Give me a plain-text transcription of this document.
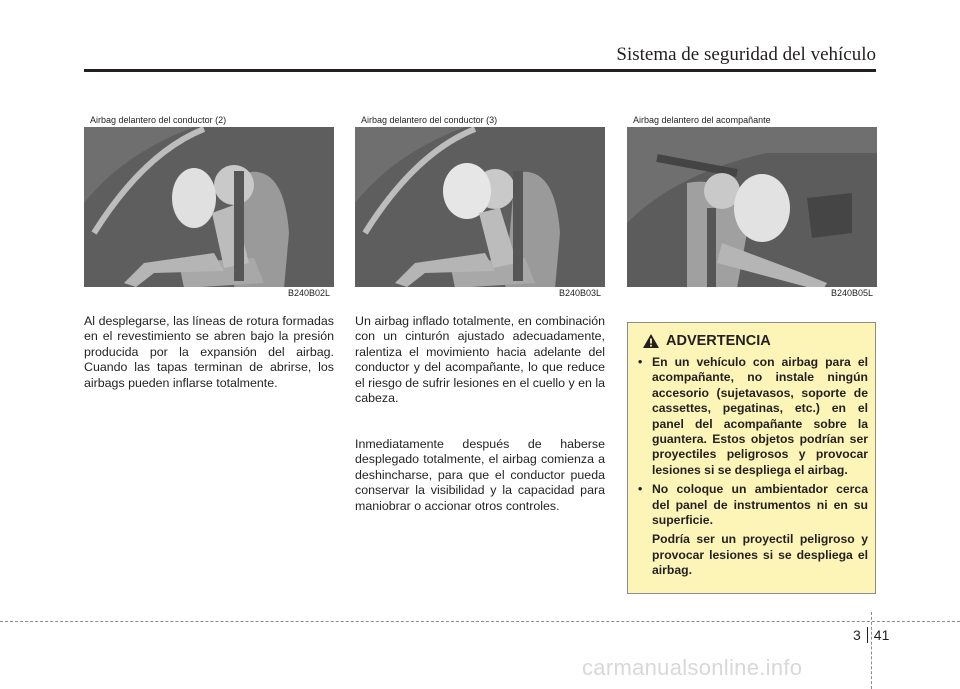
Sistema de seguridad del vehículo
Airbag delantero del conductor (2)
B240B02L
Airbag delantero del conductor (3)
B240B03L
Airbag delantero del acompañante
B240B05L

Al desplegarse, las líneas de rotura formadas en el revestimiento se abren bajo la presión producida por la expansión del airbag. Cuando las tapas terminan de abrirse, los airbags pueden inflarse totalmente.

Un airbag inflado totalmente, en combinación con un cinturón ajustado adecuadamente, ralentiza el movimiento hacia adelante del conductor y del acompañante, lo que reduce el riesgo de sufrir lesiones en el cuello y en la cabeza.

Inmediatamente después de haberse desplegado totalmente, el airbag comienza a deshincharse, para que el conductor pueda conservar la visibilidad y la capacidad para maniobrar o accionar otros controles.

ADVERTENCIA
• En un vehículo con airbag para el acompañante, no instale ningún accesorio (sujetavasos, soporte de cassettes, pegatinas, etc.) en el panel del acompañante sobre la guantera. Estos objetos podrían ser proyectiles peligrosos y provocar lesiones si se despliega el airbag.

• No coloque un ambientador cerca del panel de instrumentos ni en su superficie.

Podría ser un proyectil peligroso y provocar lesiones si se despliega el airbag.

3 41
carmanualsonline.info
